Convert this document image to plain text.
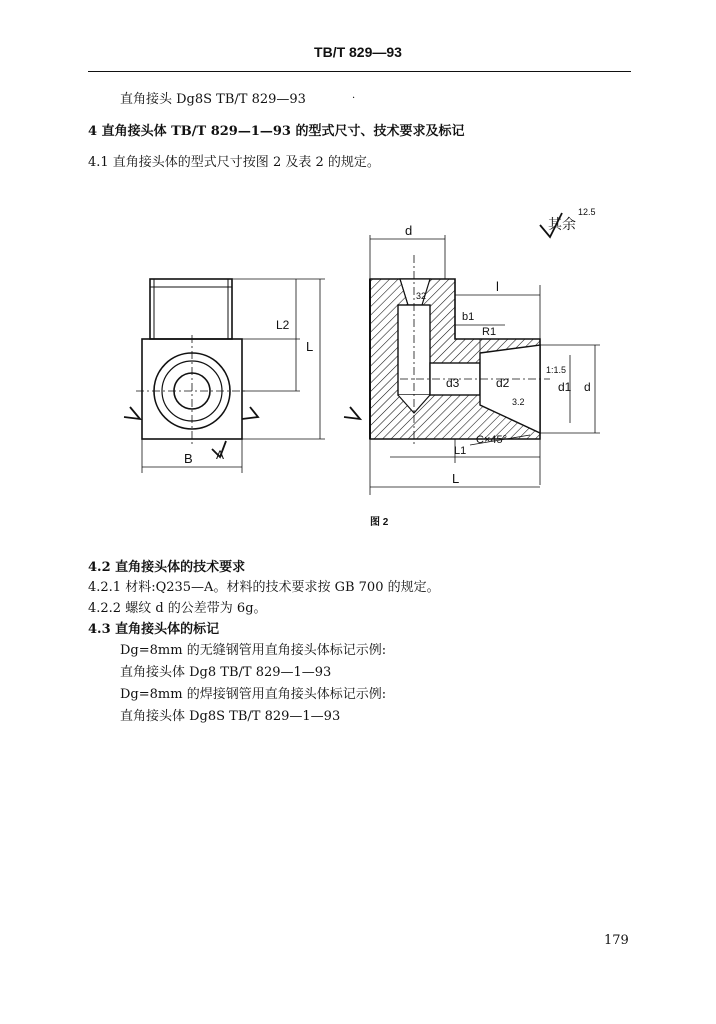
TB/T 829—93
直角接头 Dg8S TB/T 829—93	·
4 直角接头体 TB/T 829—1—93 的型式尺寸、技术要求及标记
4.1 直角接头体的型式尺寸按图 2 及表 2 的规定。
其余
12.5
d
l
b1
R1
32
1:1.5
3.2
d3	d2	d1 d
C×45°
L1
L
L2
L
B A
图 2
4.2 直角接头体的技术要求
4.2.1 材料:Q235—A。材料的技术要求按 GB 700 的规定。
4.2.2 螺纹 d 的公差带为 6g。
4.3 直角接头体的标记
Dg=8mm 的无缝钢管用直角接头体标记示例:
直角接头体 Dg8 TB/T 829—1—93
Dg=8mm 的焊接钢管用直角接头体标记示例:
直角接头体 Dg8S TB/T 829—1—93
179
